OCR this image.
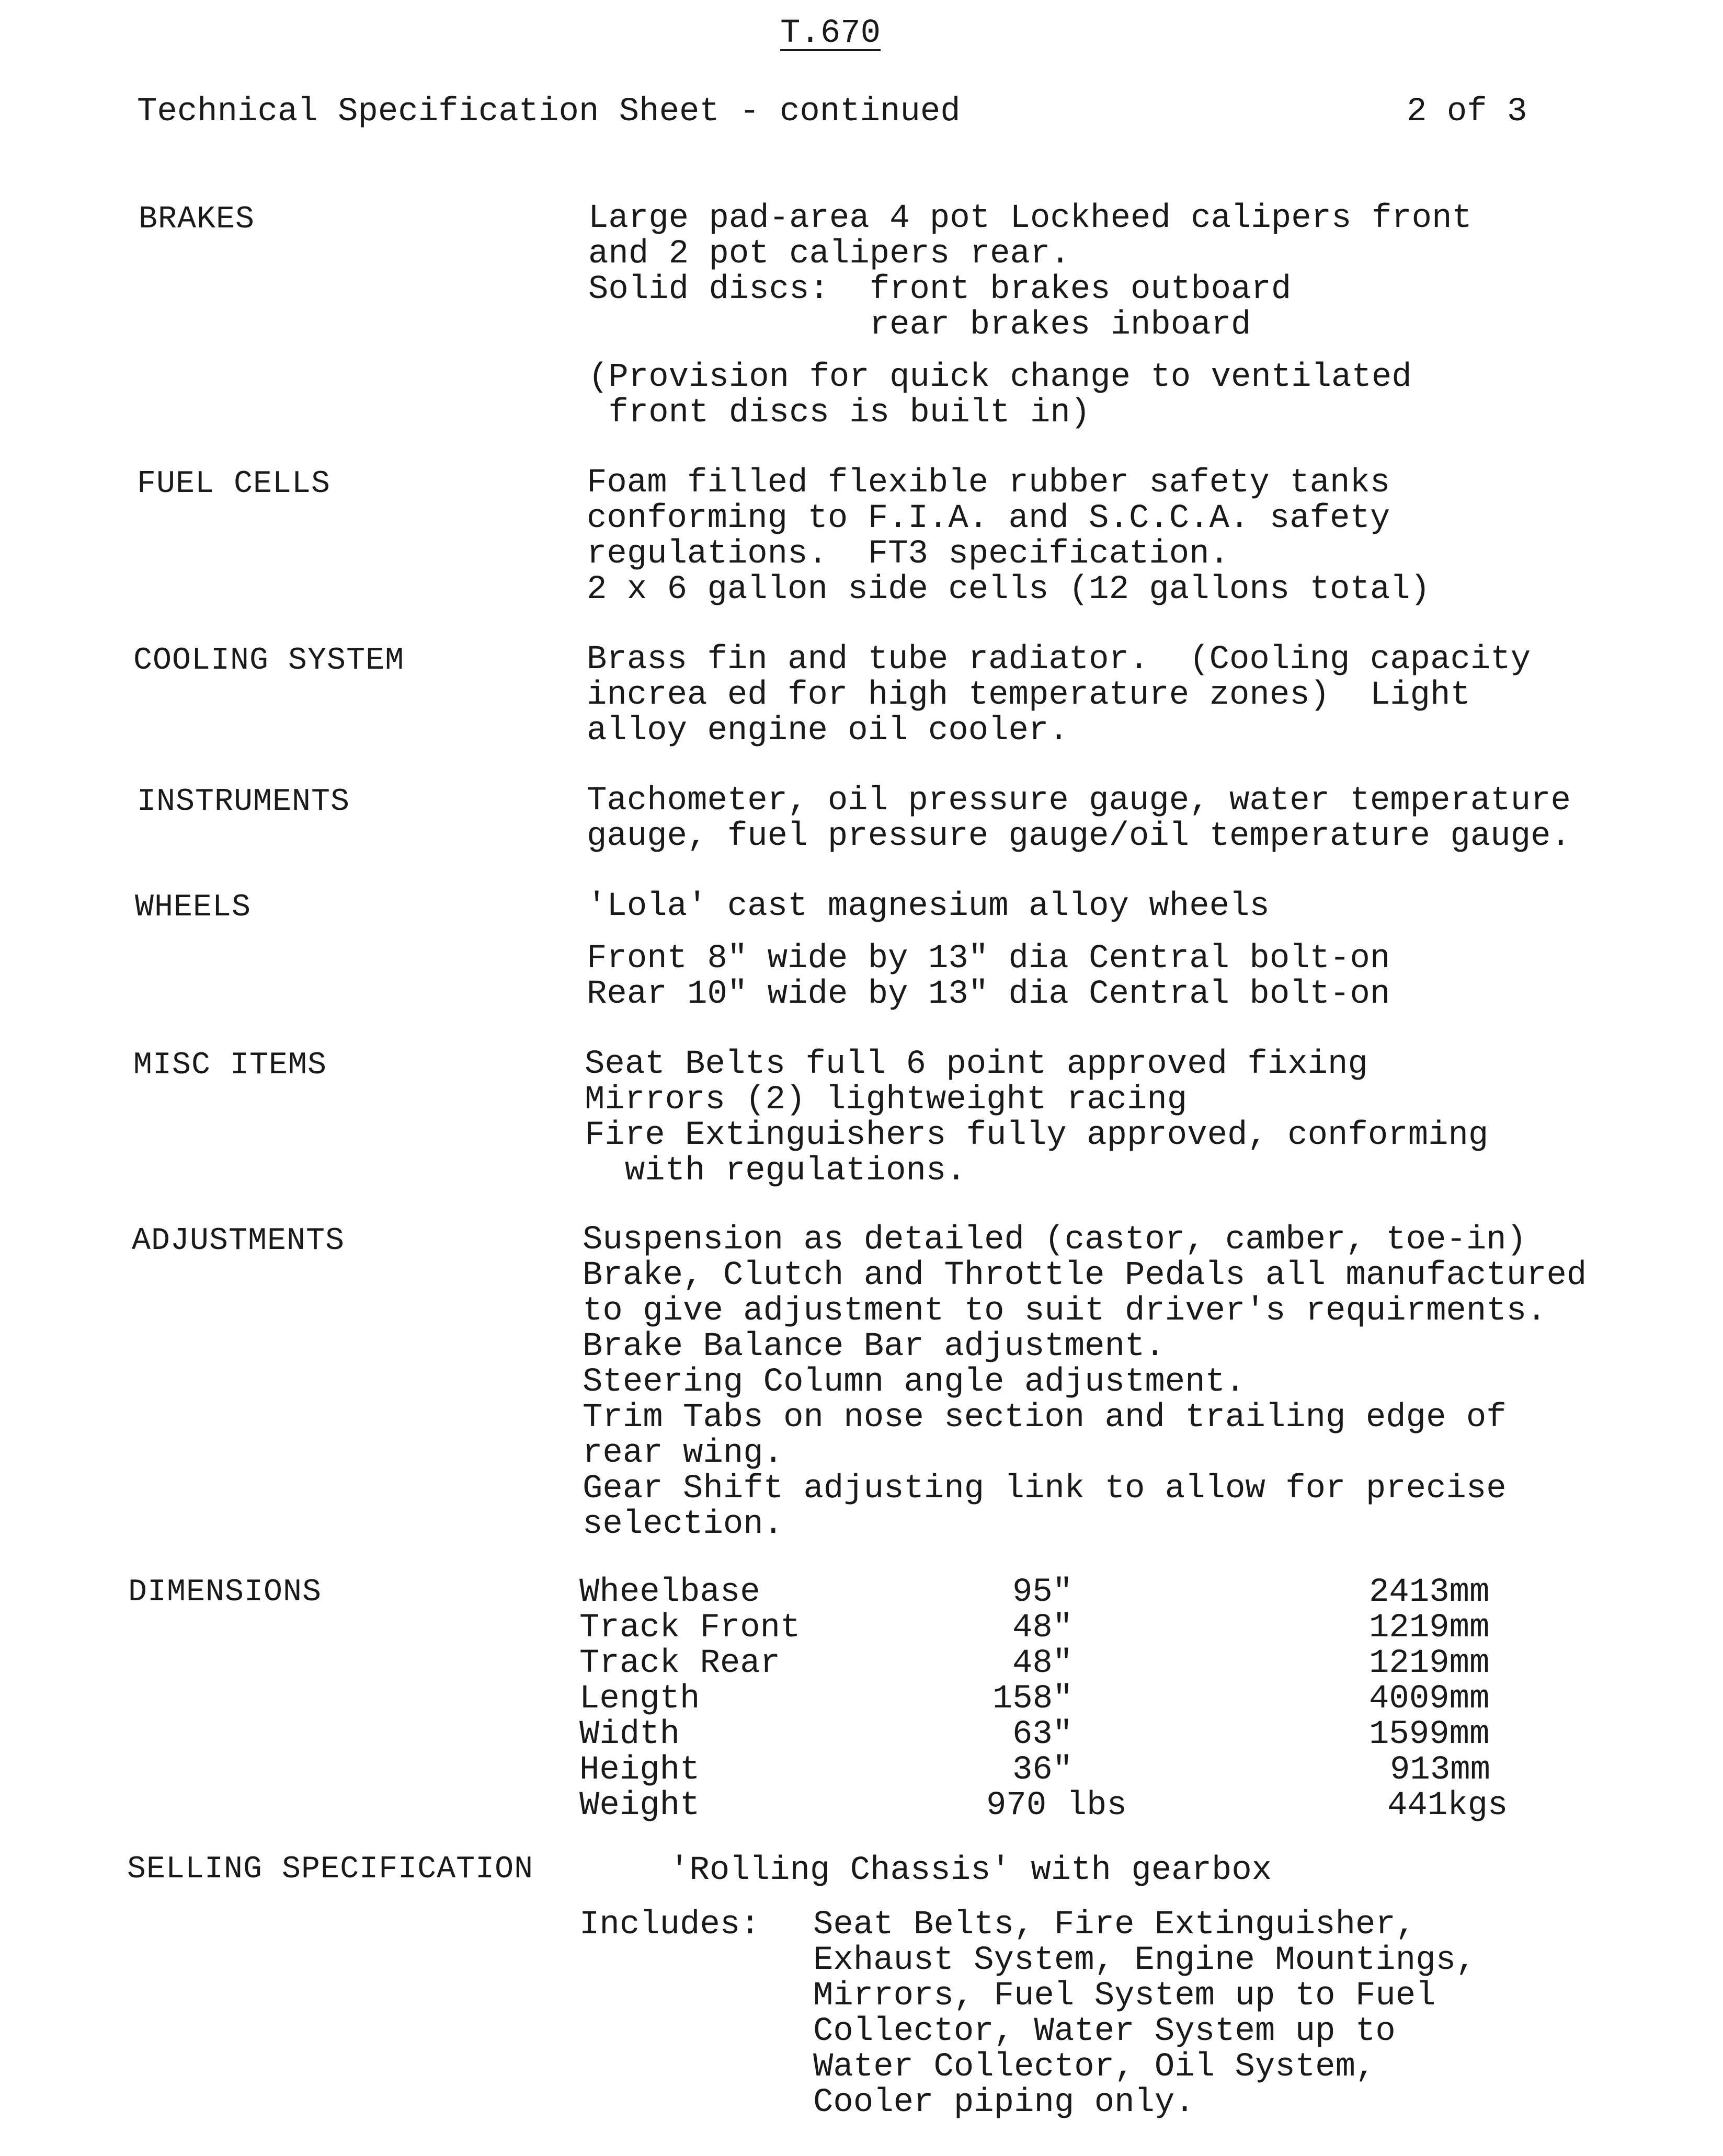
T.670
Technical Specification Sheet - continued	2 of 3
BRAKES	Large pad-area 4 pot Lockheed calipers front
and 2 pot calipers rear.
Solid discs:  front brakes outboard
rear brakes inboard
(Provision for quick change to ventilated
front discs is built in)
FUEL CELLS	Foam filled flexible rubber safety tanks
conforming to F.I.A. and S.C.C.A. safety
regulations.  FT3 specification.
2 x 6 gallon side cells (12 gallons total)
COOLING SYSTEM	Brass fin and tube radiator.  (Cooling capacity
increa ed for high temperature zones)  Light
alloy engine oil cooler.
INSTRUMENTS	Tachometer, oil pressure gauge, water temperature
gauge, fuel pressure gauge/oil temperature gauge.
WHEELS	'Lola' cast magnesium alloy wheels
Front 8" wide by 13" dia Central bolt-on
Rear 10" wide by 13" dia Central bolt-on
MISC ITEMS	Seat Belts full 6 point approved fixing
Mirrors (2) lightweight racing
Fire Extinguishers fully approved, conforming
with regulations.
ADJUSTMENTS	Suspension as detailed (castor, camber, toe-in)
Brake, Clutch and Throttle Pedals all manufactured
to give adjustment to suit driver's requirments.
Brake Balance Bar adjustment.
Steering Column angle adjustment.
Trim Tabs on nose section and trailing edge of
rear wing.
Gear Shift adjusting link to allow for precise
selection.
DIMENSIONS	Wheelbase	95"	2413mm
Track Front	48"	1219mm
Track Rear	48"	1219mm
Length	158"	4009mm
Width	63"	1599mm
Height	36"	913mm
Weight	970 lbs	441kgs
SELLING SPECIFICATION	'Rolling Chassis' with gearbox
Includes: Seat Belts, Fire Extinguisher,
Exhaust System, Engine Mountings,
Mirrors, Fuel System up to Fuel
Collector, Water System up to
Water Collector, Oil System,
Cooler piping only.
